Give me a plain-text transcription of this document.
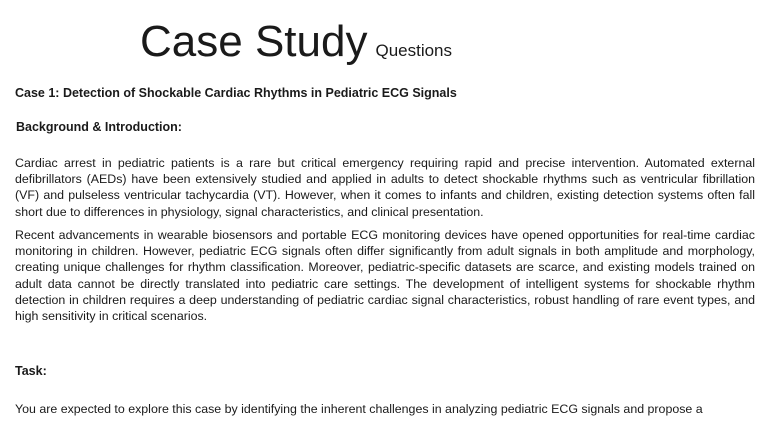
Case Study Questions
Case 1: Detection of Shockable Cardiac Rhythms in Pediatric ECG Signals
Background & Introduction:

Cardiac arrest in pediatric patients is a rare but critical emergency requiring rapid and precise intervention. Automated external defibrillators (AEDs) have been extensively studied and applied in adults to detect shockable rhythms such as ventricular fibrillation (VF) and pulseless ventricular tachycardia (VT). However, when it comes to infants and children, existing detection systems often fall short due to differences in physiology, signal characteristics, and clinical presentation.

Recent advancements in wearable biosensors and portable ECG monitoring devices have opened opportunities for real-time cardiac monitoring in children. However, pediatric ECG signals often differ significantly from adult signals in both amplitude and morphology, creating unique challenges for rhythm classification. Moreover, pediatric-specific datasets are scarce, and existing models trained on adult data cannot be directly translated into pediatric care settings. The development of intelligent systems for shockable rhythm detection in children requires a deep understanding of pediatric cardiac signal characteristics, robust handling of rare event types, and high sensitivity in critical scenarios.

Task:

You are expected to explore this case by identifying the inherent challenges in analyzing pediatric ECG signals and propose a
